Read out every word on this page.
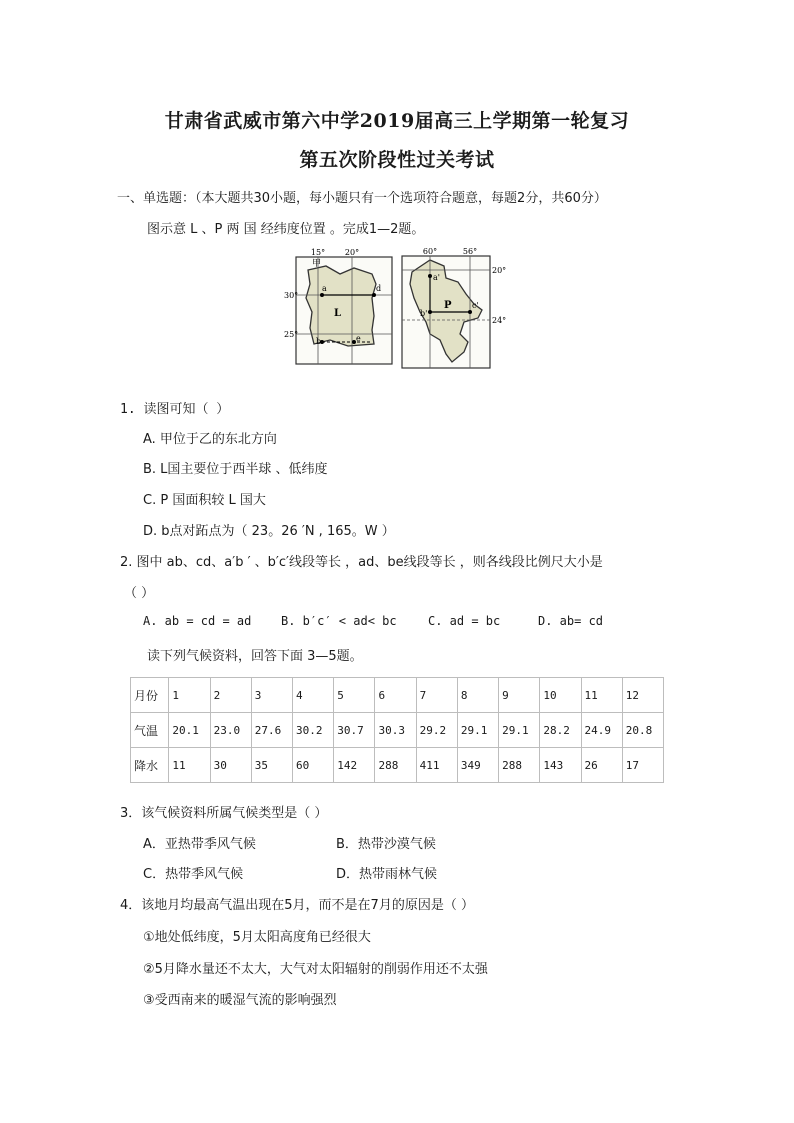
甘肃省武威市第六中学2019届高三上学期第一轮复习
第五次阶段性过关考试
一、单选题：（本大题共30小题，每小题只有一个选项符合题意，每题2分，共60分）
图示意 L 、P 两 国 经纬度位置 。完成1—2题。
15° 20°
30°
25°
甲
a	d
L
b	e
60°	56°
20°
24°
a'
P	c'
b'
1. 读图可知（ ）
A. 甲位于乙的东北方向
B. L国主要位于西半球 、低纬度
C. P 国面积较 L 国大
D. b点对跖点为（ 23。26 ′N , 165。W ）
2. 图中 ab、cd、a′b ′ 、b′c′线段等长 ，ad、be线段等长 ，则各线段比例尺大小是
（ ）
A. ab = cd = ad B. b′c′ < ad< bc	C. ad = bc	D. ab= cd
读下列气候资料，回答下面 3—5题。
月份	1	2	3	4	5	6	7	8	9	10	11	12
气温	20.1	23.0	27.6	30.2	30.7	30.3	29.2	29.1	29.1	28.2	24.9	20.8
降水	11	30	35	60	142	288	411	349	288	143	26	17
3．该气候资料所属气候类型是（ ）
A．亚热带季风气候	B．热带沙漠气候
C．热带季风气候	D．热带雨林气候
4．该地月均最高气温出现在5月，而不是在7月的原因是（ ）
①地处低纬度，5月太阳高度角已经很大
②5月降水量还不太大，大气对太阳辐射的削弱作用还不太强
③受西南来的暖湿气流的影响强烈
